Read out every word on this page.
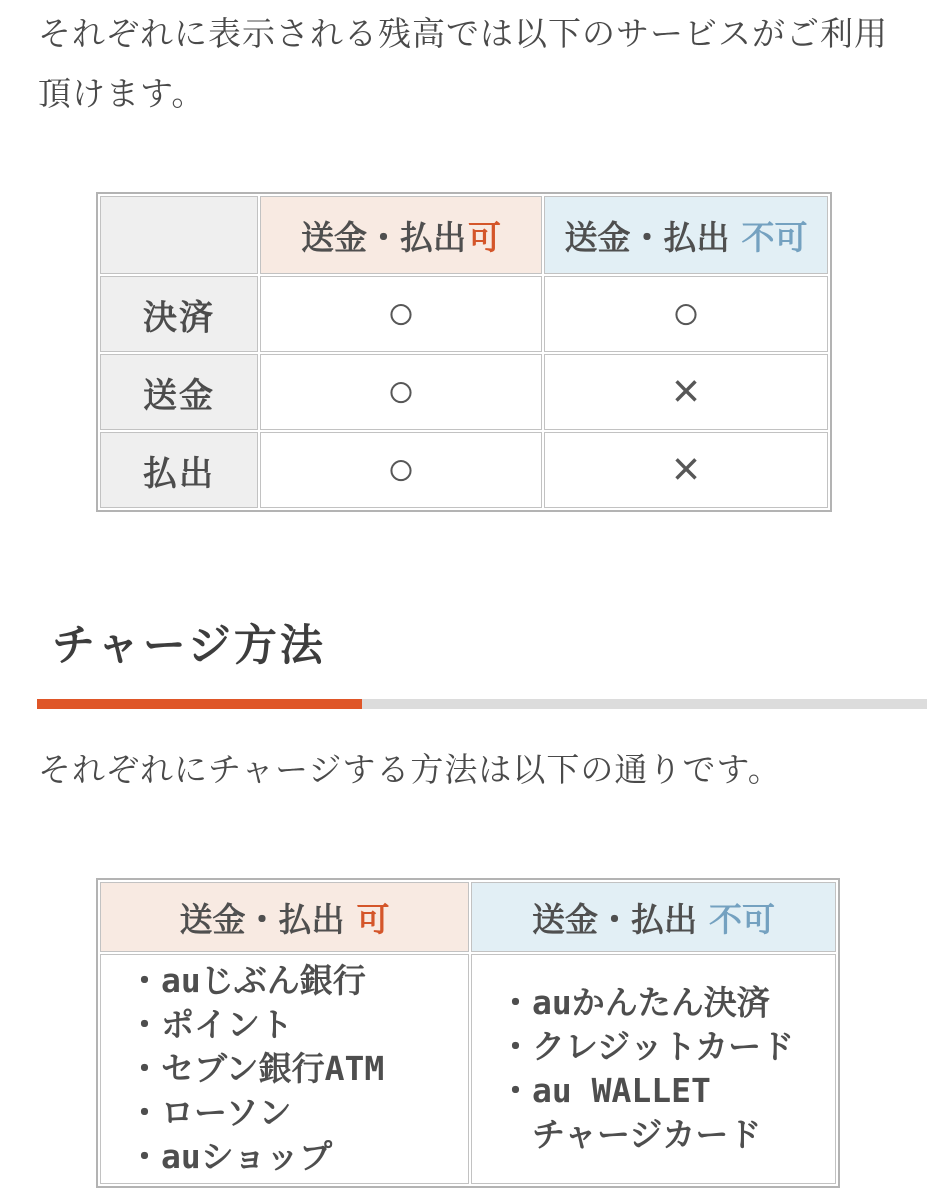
それぞれに表示される残高では以下のサービスがご利用頂けます。

	送金・払出可	送金・払出 不可
決済	○	○
送金	○	×
払出	○	×
チャージ方法

それぞれにチャージする方法は以下の通りです。

送金・払出 可	送金・払出 不可

・auじぶん銀行
・ポイント
・セブン銀行ATM
・ローソン
・auショップ

・auかんたん決済
・クレジットカード
・au WALLET
　チャージカード
